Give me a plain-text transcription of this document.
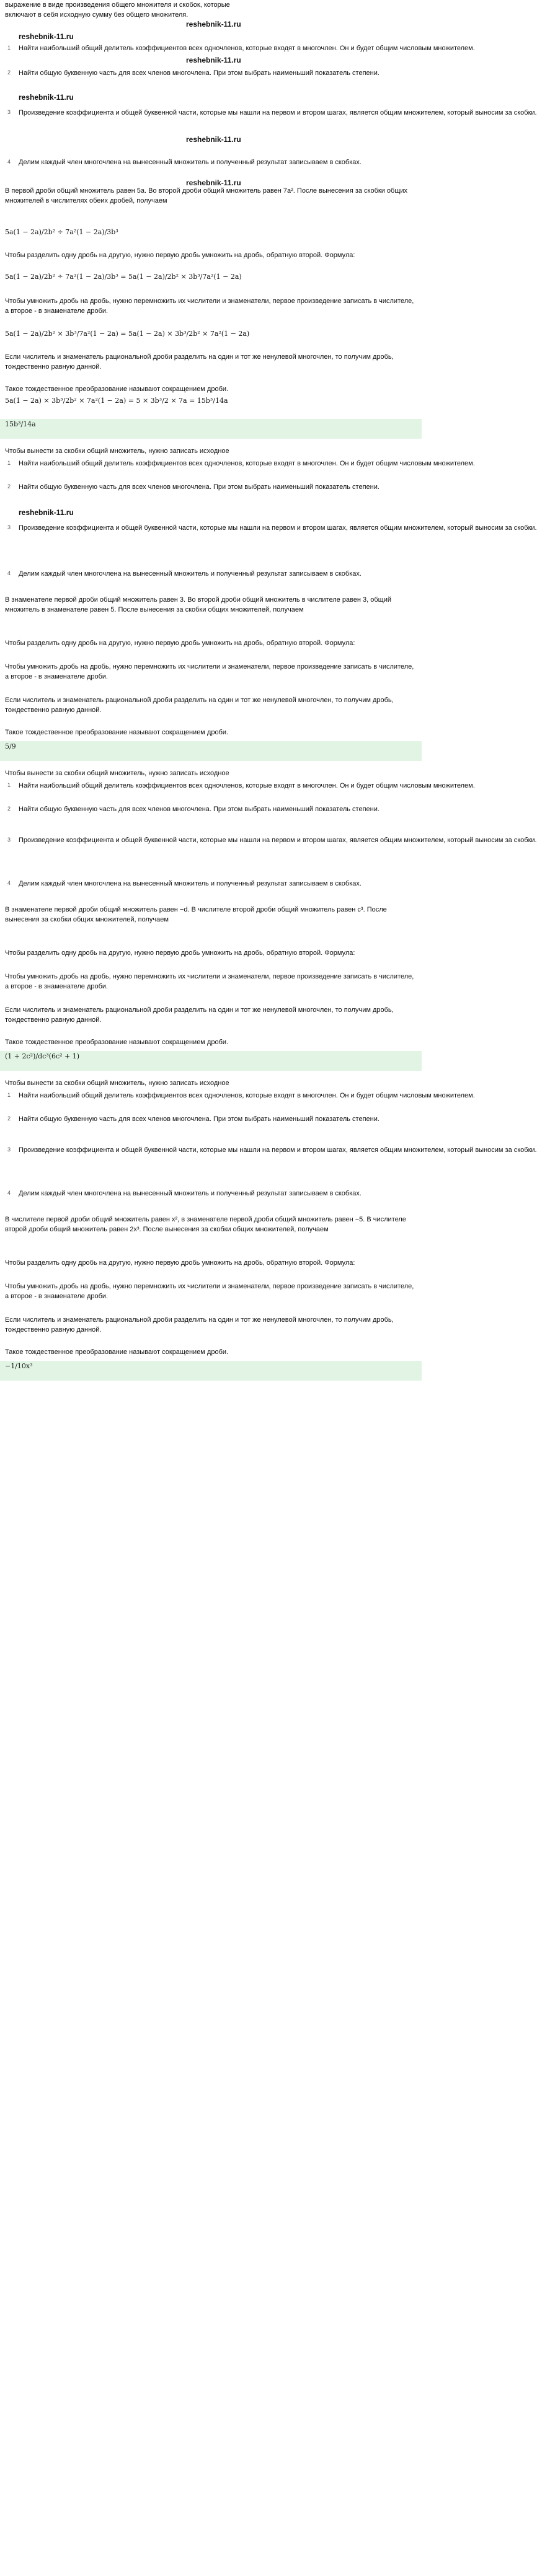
выражение в виде произведения общего множителя и скобок, которые
включают в себя исходную сумму без общего множителя.
reshebnik-11.ru
reshebnik-11.ru
1 Найти наибольший общий делитель коэффициентов всех одночленов, которые входят в многочлен. Он и будет общим числовым множителем.
reshebnik-11.ru
2 Найти общую буквенную часть для всех членов многочлена. При этом выбрать наименьший показатель степени.
reshebnik-11.ru
3 Произведение коэффициента и общей буквенной части, которые мы нашли на первом и втором шагах, является общим множителем, который выносим за скобки.
reshebnik-11.ru
4 Делим каждый член многочлена на вынесенный множитель и полученный результат записываем в скобках.
reshebnik-11.ru
В первой дроби общий множитель равен 5a. Во второй дроби общий множитель равен 7a². После вынесения за скобки общих множителей в числителях обеих дробей, получаем
5a(1 − 2a)/2b² ÷ 7a²(1 − 2a)/3b³
Чтобы разделить одну дробь на другую, нужно первую дробь умножить на дробь, обратную второй. Формула:
5a(1 − 2a)/2b² ÷ 7a²(1 − 2a)/3b³ = 5a(1 − 2a)/2b² × 3b³/7a²(1 − 2a)
Чтобы умножить дробь на дробь, нужно перемножить их числители и знаменатели, первое произведение записать в числителе, а второе - в знаменателе дроби.
5a(1 − 2a)/2b² × 3b³/7a²(1 − 2a) = 5a(1 − 2a) × 3b³/2b² × 7a²(1 − 2a)
Если числитель и знаменатель рациональной дроби разделить на один и тот же ненулевой многочлен, то получим дробь, тождественно равную данной.
Такое тождественное преобразование называют сокращением дроби.
5a(1 − 2a) × 3b³/2b² × 7a²(1 − 2a) = 5 × 3b³/2 × 7a = 15b³/14a
15b³/14a
Чтобы вынести за скобки общий множитель, нужно записать исходное
1 Найти наибольший общий делитель коэффициентов всех одночленов, которые входят в многочлен. Он и будет общим числовым множителем.
2 Найти общую буквенную часть для всех членов многочлена. При этом выбрать наименьший показатель степени.
reshebnik-11.ru
3 Произведение коэффициента и общей буквенной части, которые мы нашли на первом и втором шагах, является общим множителем, который выносим за скобки.
4 Делим каждый член многочлена на вынесенный множитель и полученный результат записываем в скобках.
В знаменателе первой дроби общий множитель равен 3. Во второй дроби общий множитель в числителе равен 3, общий множитель в знаменателе равен 5. После вынесения за скобки общих множителей, получаем
Чтобы разделить одну дробь на другую, нужно первую дробь умножить на дробь, обратную второй. Формула:
Чтобы умножить дробь на дробь, нужно перемножить их числители и знаменатели, первое произведение записать в числителе, а второе - в знаменателе дроби.
Если числитель и знаменатель рациональной дроби разделить на один и тот же ненулевой многочлен, то получим дробь, тождественно равную данной.
Такое тождественное преобразование называют сокращением дроби.
5/9
Чтобы вынести за скобки общий множитель, нужно записать исходное
1 Найти наибольший общий делитель коэффициентов всех одночленов, которые входят в многочлен. Он и будет общим числовым множителем.
2 Найти общую буквенную часть для всех членов многочлена. При этом выбрать наименьший показатель степени.
3 Произведение коэффициента и общей буквенной части, которые мы нашли на первом и втором шагах, является общим множителем, который выносим за скобки.
4 Делим каждый член многочлена на вынесенный множитель и полученный результат записываем в скобках.
В знаменателе первой дроби общий множитель равен −d. В числителе второй дроби общий множитель равен c³. После вынесения за скобки общих множителей, получаем
Чтобы разделить одну дробь на другую, нужно первую дробь умножить на дробь, обратную второй. Формула:
Чтобы умножить дробь на дробь, нужно перемножить их числители и знаменатели, первое произведение записать в числителе, а второе - в знаменателе дроби.
Если числитель и знаменатель рациональной дроби разделить на один и тот же ненулевой многочлен, то получим дробь, тождественно равную данной.
Такое тождественное преобразование называют сокращением дроби.
(1 + 2c²)/dc³(6c² + 1)
Чтобы вынести за скобки общий множитель, нужно записать исходное
1 Найти наибольший общий делитель коэффициентов всех одночленов, которые входят в многочлен. Он и будет общим числовым множителем.
2 Найти общую буквенную часть для всех членов многочлена. При этом выбрать наименьший показатель степени.
3 Произведение коэффициента и общей буквенной части, которые мы нашли на первом и втором шагах, является общим множителем, который выносим за скобки.
4 Делим каждый член многочлена на вынесенный множитель и полученный результат записываем в скобках.
В числителе первой дроби общий множитель равен x², в знаменателе первой дроби общий множитель равен −5. В числителе второй дроби общий множитель равен 2x³. После вынесения за скобки общих множителей, получаем
Чтобы разделить одну дробь на другую, нужно первую дробь умножить на дробь, обратную второй. Формула:
Чтобы умножить дробь на дробь, нужно перемножить их числители и знаменатели, первое произведение записать в числителе, а второе - в знаменателе дроби.
Если числитель и знаменатель рациональной дроби разделить на один и тот же ненулевой многочлен, то получим дробь, тождественно равную данной.
Такое тождественное преобразование называют сокращением дроби.
−1/10x³
